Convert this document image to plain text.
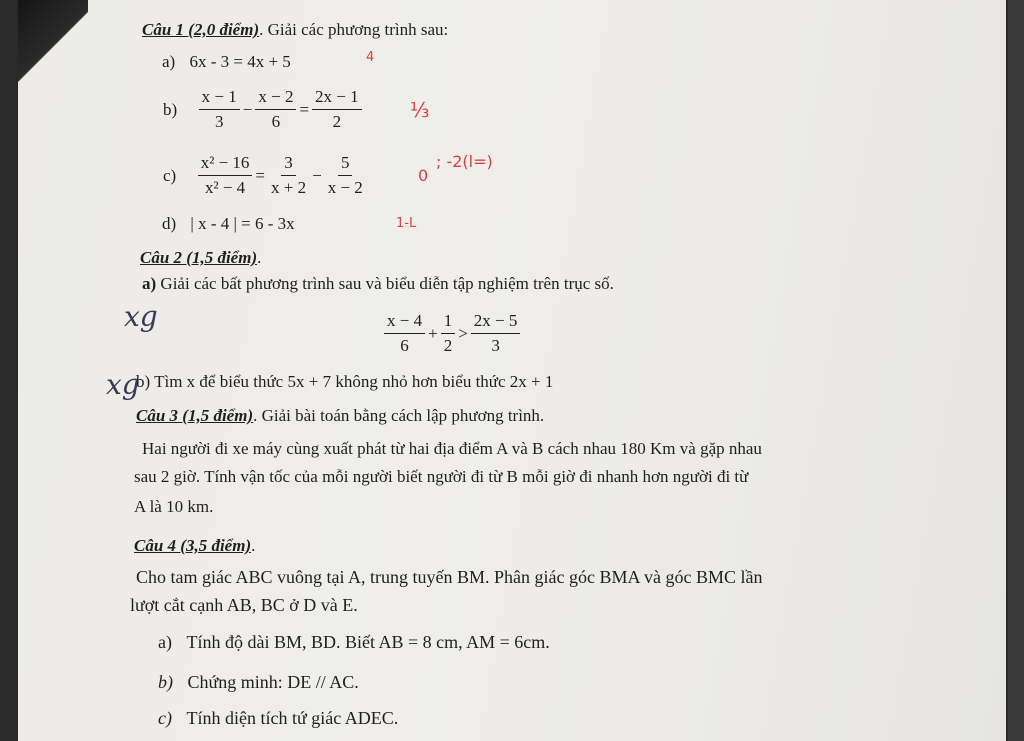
Câu 1 (2,0 điểm). Giải các phương trình sau:
a) 6x - 3 = 4x + 5	4
$b) \frac{x - 1}{3} - \frac{x - 2}{6} = \frac{2x - 1}{2}$ ⅓
$c) \frac{\text{x² − 16}}{\text{x² − 4}} = \frac{3}{x + 2} - \frac{5}{x - 2}$	0
; -2(l=)
d) | x - 4 | = 6 - 3x	1-L
Câu 2 (1,5 điểm).
a) Giải các bất phương trình sau và biểu diễn tập nghiệm trên trục số.
xg	$\frac{x - 4}{6} + \frac{1}{2} > \frac{2x - 5}{3}$
xg
b) Tìm x để biểu thức 5x + 7 không nhỏ hơn biểu thức 2x + 1
Câu 3 (1,5 điểm). Giải bài toán bằng cách lập phương trình.
Hai người đi xe máy cùng xuất phát từ hai địa điểm A và B cách nhau 180 Km và gặp nhau
sau 2 giờ. Tính vận tốc của mỗi người biết người đi từ B mỗi giờ đi nhanh hơn người đi từ
A là 10 km.
Câu 4 (3,5 điểm).
Cho tam giác ABC vuông tại A, trung tuyến BM. Phân giác góc BMA và góc BMC lần
lượt cắt cạnh AB, BC ở D và E.
a) Tính độ dài BM, BD. Biết AB = 8 cm, AM = 6cm.
b) Chứng minh: DE // AC.
c) Tính diện tích tứ giác ADEC.
